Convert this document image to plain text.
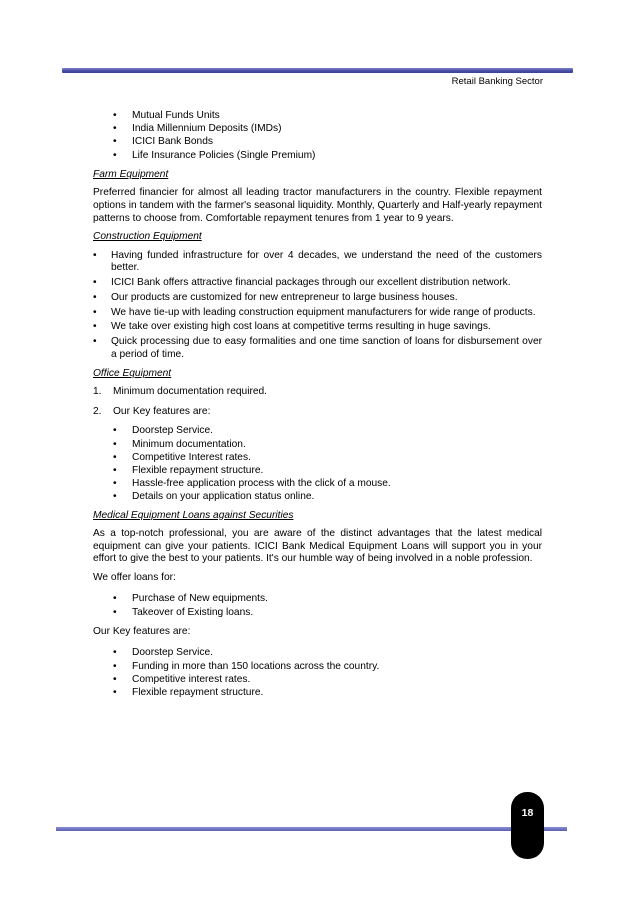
Retail Banking Sector
• Mutual Funds Units
• India Millennium Deposits (IMDs)
• ICICI Bank Bonds
• Life Insurance Policies (Single Premium)
Farm Equipment

Preferred financier for almost all leading tractor manufacturers in the country. Flexible repayment options in tandem with the farmer's seasonal liquidity. Monthly, Quarterly and Half-yearly repayment patterns to choose from. Comfortable repayment tenures from 1 year to 9 years.

Construction Equipment
• Having funded infrastructure for over 4 decades, we understand the need of the customers better.
• ICICI Bank offers attractive financial packages through our excellent distribution network.
• Our products are customized for new entrepreneur to large business houses.
• We have tie-up with leading construction equipment manufacturers for wide range of products.
• We take over existing high cost loans at competitive terms resulting in huge savings.
• Quick processing due to easy formalities and one time sanction of loans for disbursement over a period of time.
Office Equipment
1. Minimum documentation required.
2. Our Key features are:
• Doorstep Service.
• Minimum documentation.
• Competitive Interest rates.
• Flexible repayment structure.
• Hassle-free application process with the click of a mouse.
• Details on your application status online.
Medical Equipment Loans against Securities

As a top-notch professional, you are aware of the distinct advantages that the latest medical equipment can give your patients. ICICI Bank Medical Equipment Loans will support you in your effort to give the best to your patients. It's our humble way of being involved in a noble profession.

We offer loans for:

• Purchase of New equipments.
• Takeover of Existing loans.

Our Key features are:

• Doorstep Service.
• Funding in more than 150 locations across the country.
• Competitive interest rates.
• Flexible repayment structure.
18
